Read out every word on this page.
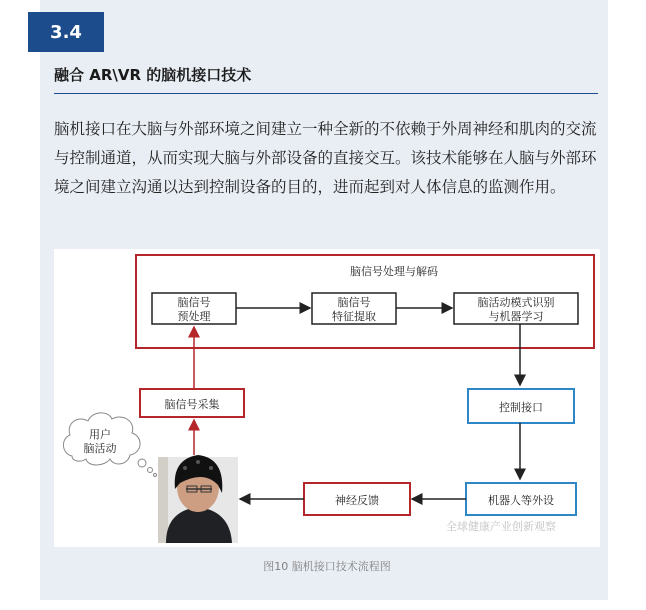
3.4
融合 AR\VR 的脑机接口技术
脑机接口在大脑与外部环境之间建立一种全新的不依赖于外周神经和肌肉的交流与控制通道，从而实现大脑与外部设备的直接交互。该技术能够在人脑与外部环境之间建立沟通以达到控制设备的目的，进而起到对人体信息的监测作用。
脑信号处理与解码
脑信号
预处理
脑信号
特征提取
脑活动模式识别
与机器学习
脑信号采集	控制接口
机器人等外设
神经反馈
用户
脑活动
全球健康产业创新观察
图10 脑机接口技术流程图
